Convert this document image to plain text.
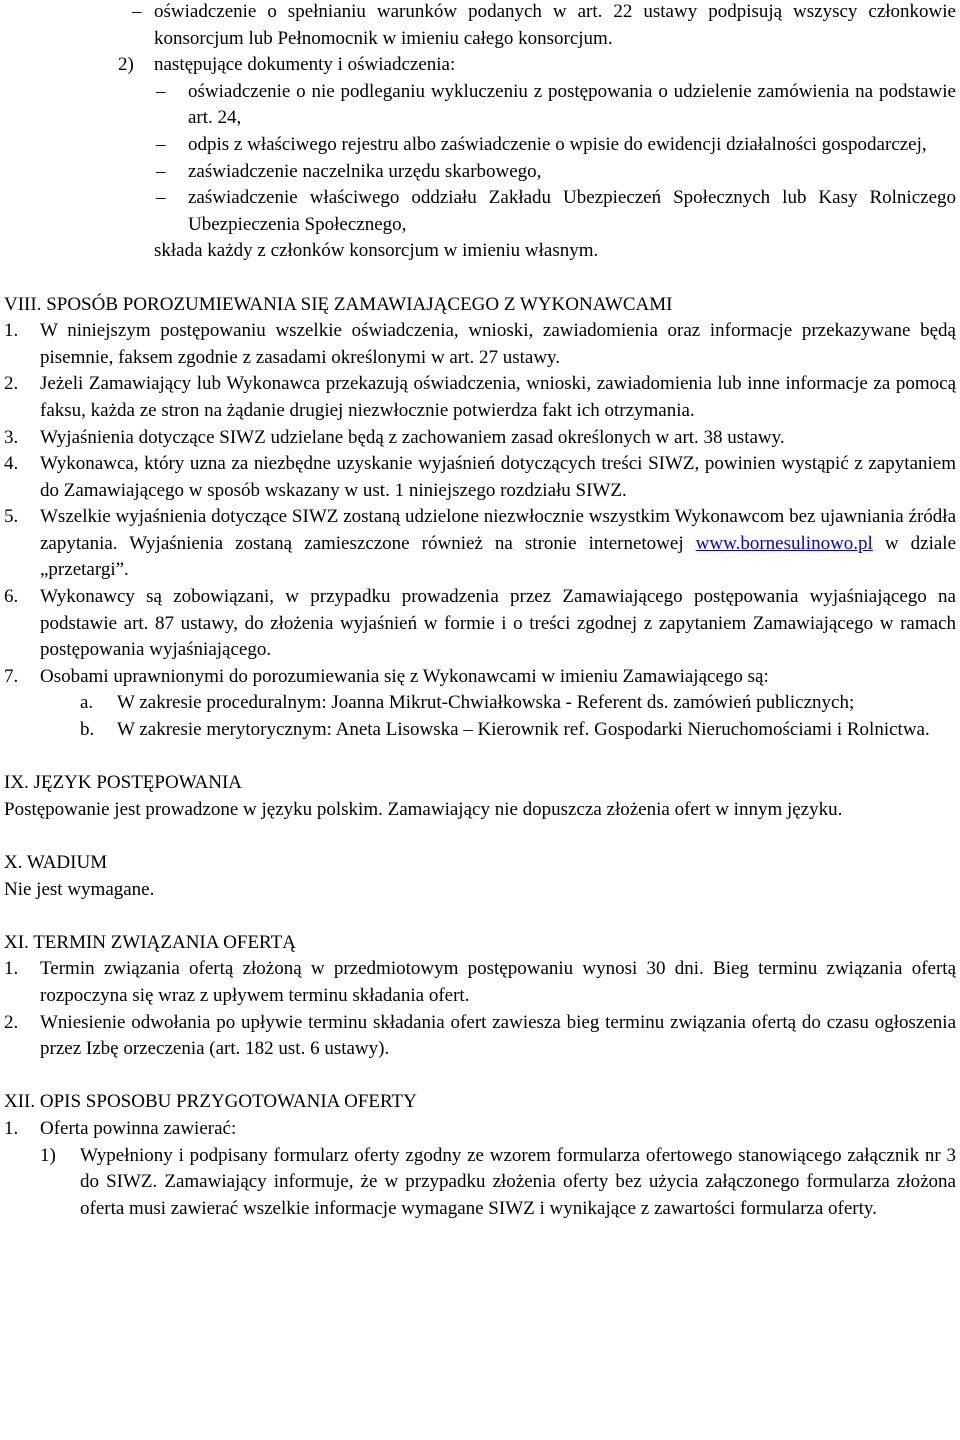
– oświadczenie o spełnianiu warunków podanych w art. 22 ustawy podpisują wszyscy członkowie konsorcjum lub Pełnomocnik w imieniu całego konsorcjum.

2) następujące dokumenty i oświadczenia:

–	oświadczenie o nie podleganiu wykluczeniu z postępowania o udzielenie zamówienia na podstawie art. 24,

–	odpis z właściwego rejestru albo zaświadczenie o wpisie do ewidencji działalności gospodarczej,

–	zaświadczenie naczelnika urzędu skarbowego,

–	zaświadczenie właściwego oddziału Zakładu Ubezpieczeń Społecznych lub Kasy Rolniczego Ubezpieczenia Społecznego,

składa każdy z członków konsorcjum w imieniu własnym.

VIII. SPOSÓB POROZUMIEWANIA SIĘ ZAMAWIAJĄCEGO Z WYKONAWCAMI

1. W niniejszym postępowaniu wszelkie oświadczenia, wnioski, zawiadomienia oraz informacje przekazywane będą pisemnie, faksem zgodnie z zasadami określonymi w art. 27 ustawy.

2. Jeżeli Zamawiający lub Wykonawca przekazują oświadczenia, wnioski, zawiadomienia lub inne informacje za pomocą faksu, każda ze stron na żądanie drugiej niezwłocznie potwierdza fakt ich otrzymania.

3. Wyjaśnienia dotyczące SIWZ udzielane będą z zachowaniem zasad określonych w art. 38 ustawy.

4. Wykonawca, który uzna za niezbędne uzyskanie wyjaśnień dotyczących treści SIWZ, powinien wystąpić z zapytaniem do Zamawiającego w sposób wskazany w ust. 1 niniejszego rozdziału SIWZ.

5. Wszelkie wyjaśnienia dotyczące SIWZ zostaną udzielone niezwłocznie wszystkim Wykonawcom bez ujawniania źródła zapytania. Wyjaśnienia zostaną zamieszczone również na stronie internetowej www.bornesulinowo.pl w dziale „przetargi”.

6. Wykonawcy są zobowiązani, w przypadku prowadzenia przez Zamawiającego postępowania wyjaśniającego na podstawie art. 87 ustawy, do złożenia wyjaśnień w formie i o treści zgodnej z zapytaniem Zamawiającego w ramach postępowania wyjaśniającego.

7. Osobami uprawnionymi do porozumiewania się z Wykonawcami w imieniu Zamawiającego są:

a. W zakresie proceduralnym: Joanna Mikrut-Chwiałkowska - Referent ds. zamówień publicznych;

b. W zakresie merytorycznym: Aneta Lisowska – Kierownik ref. Gospodarki Nieruchomościami i Rolnictwa.

IX. JĘZYK POSTĘPOWANIA

Postępowanie jest prowadzone w języku polskim. Zamawiający nie dopuszcza złożenia ofert w innym języku.

X. WADIUM

Nie jest wymagane.

XI. TERMIN ZWIĄZANIA OFERTĄ

1. Termin związania ofertą złożoną w przedmiotowym postępowaniu wynosi 30 dni. Bieg terminu związania ofertą rozpoczyna się wraz z upływem terminu składania ofert.

2. Wniesienie odwołania po upływie terminu składania ofert zawiesza bieg terminu związania ofertą do czasu ogłoszenia przez Izbę orzeczenia (art. 182 ust. 6 ustawy).

XII. OPIS SPOSOBU PRZYGOTOWANIA OFERTY

1. Oferta powinna zawierać:

1) Wypełniony i podpisany formularz oferty zgodny ze wzorem formularza ofertowego stanowiącego załącznik nr 3 do SIWZ. Zamawiający informuje, że w przypadku złożenia oferty bez użycia załączonego formularza złożona oferta musi zawierać wszelkie informacje wymagane SIWZ i wynikające z zawartości formularza oferty.
